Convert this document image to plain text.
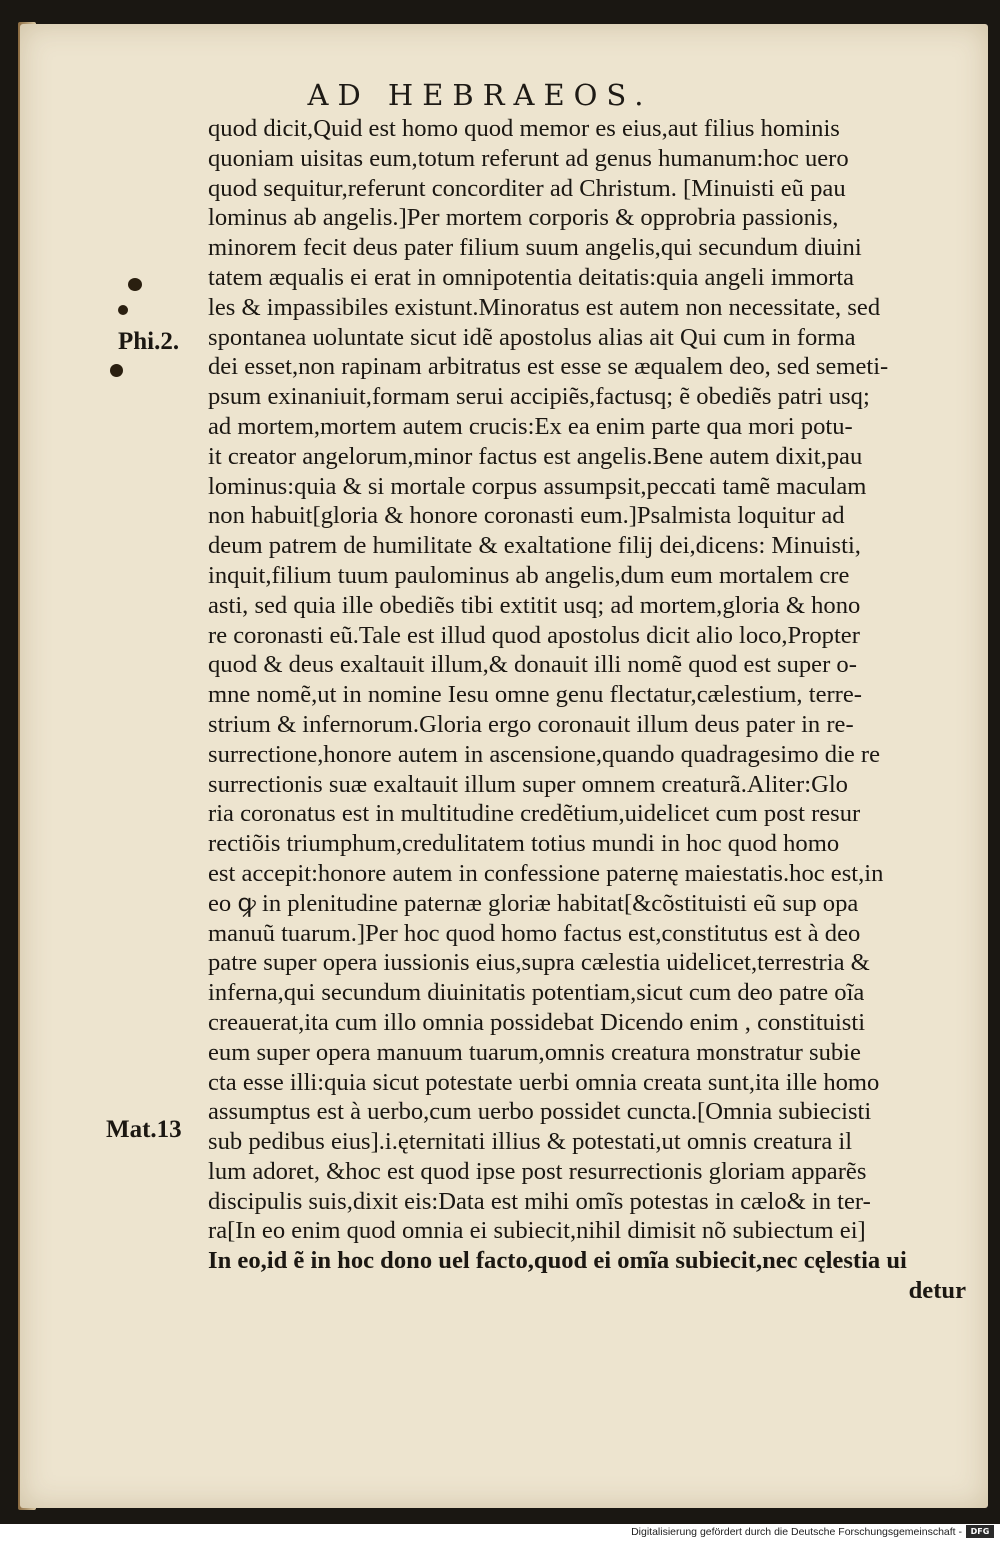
AD HEBRAEOS.
Phi.2.
Mat.13
quod dicit,Quid est homo quod memor es eius,aut filius hominis
quoniam uisitas eum,totum referunt ad genus humanum:hoc uero
quod sequitur,referunt concorditer ad Christum. [Minuisti eũ pau
lominus ab angelis.]Per mortem corporis & opprobria passionis,
minorem fecit deus pater filium suum angelis,qui secundum diuini
tatem æqualis ei erat in omnipotentia deitatis:quia angeli immorta
les & impassibiles existunt.Minoratus est autem non necessitate, sed
spontanea uoluntate sicut idẽ apostolus alias ait Qui cum in forma
dei esset,non rapinam arbitratus est esse se æqualem deo, sed semeti-
psum exinaniuit,formam serui accipiẽs,factusq; ẽ obediẽs patri usq;
ad mortem,mortem autem crucis:Ex ea enim parte qua mori potu-
it creator angelorum,minor factus est angelis.Bene autem dixit,pau
lominus:quia & si mortale corpus assumpsit,peccati tamẽ maculam
non habuit[gloria & honore coronasti eum.]Psalmista loquitur ad
deum patrem de humilitate & exaltatione filij dei,dicens: Minuisti,
inquit,filium tuum paulominus ab angelis,dum eum mortalem cre
asti, sed quia ille obediẽs tibi extitit usq; ad mortem,gloria & hono
re coronasti eũ.Tale est illud quod apostolus dicit alio loco,Propter
quod & deus exaltauit illum,& donauit illi nomẽ quod est super o-
mne nomẽ,ut in nomine Iesu omne genu flectatur,cælestium, terre-
strium & infernorum.Gloria ergo coronauit illum deus pater in re-
surrectione,honore autem in ascensione,quando quadragesimo die re
surrectionis suæ exaltauit illum super omnem creaturã.Aliter:Glo
ria coronatus est in multitudine credẽtium,uidelicet cum post resur
rectiõis triumphum,credulitatem totius mundi in hoc quod homo
est accepit:honore autem in confessione paternę maiestatis.hoc est,in
eo ꝙ in plenitudine paternæ gloriæ habitat[&cõstituisti eũ sup opa
manuũ tuarum.]Per hoc quod homo factus est,constitutus est à deo
patre super opera iussionis eius,supra cælestia uidelicet,terrestria &
inferna,qui secundum diuinitatis potentiam,sicut cum deo patre oĩa
creauerat,ita cum illo omnia possidebat Dicendo enim , constituisti
eum super opera manuum tuarum,omnis creatura monstratur subie
cta esse illi:quia sicut potestate uerbi omnia creata sunt,ita ille homo
assumptus est à uerbo,cum uerbo possidet cuncta.[Omnia subiecisti
sub pedibus eius].i.ęternitati illius & potestati,ut omnis creatura il
lum adoret, &hoc est quod ipse post resurrectionis gloriam apparẽs
discipulis suis,dixit eis:Data est mihi omĩs potestas in cælo& in ter-
ra[In eo enim quod omnia ei subiecit,nihil dimisit nõ subiectum ei]
In eo,id ẽ in hoc dono uel facto,quod ei omĩa subiecit,nec cęlestia ui
detur
Digitalisierung gefördert durch die Deutsche Forschungsgemeinschaft -	DFG
